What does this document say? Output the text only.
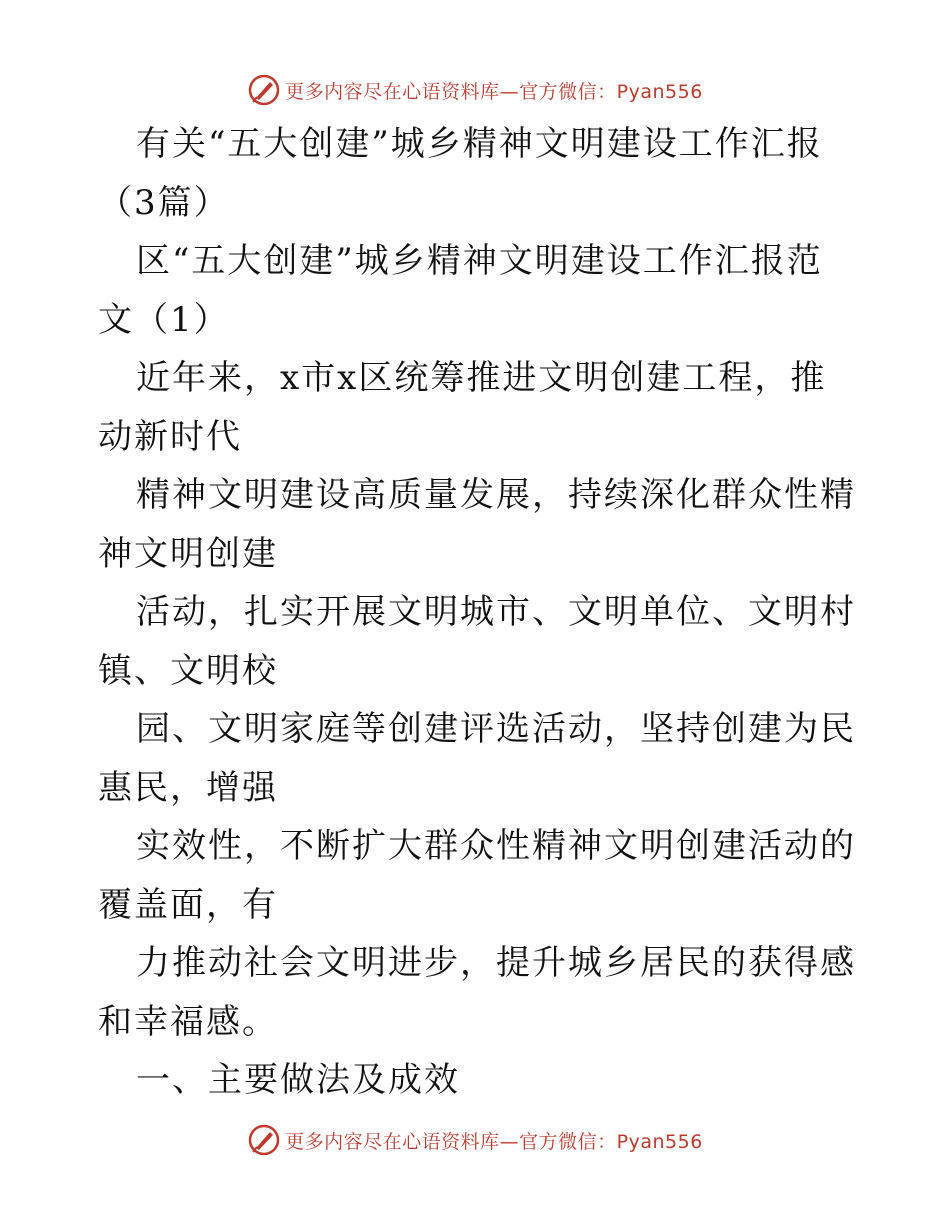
更多内容尽在心语资料库—官方微信：Pyan556

有关“五大创建”城乡精神文明建设工作汇报（3篇）

区“五大创建”城乡精神文明建设工作汇报范文（1）

近年来，x市x区统筹推进文明创建工程，推动新时代

精神文明建设高质量发展，持续深化群众性精神文明创建

活动，扎实开展文明城市、文明单位、文明村镇、文明校

园、文明家庭等创建评选活动，坚持创建为民惠民，增强

实效性，不断扩大群众性精神文明创建活动的覆盖面，有

力推动社会文明进步，提升城乡居民的获得感和幸福感。

一、主要做法及成效

更多内容尽在心语资料库—官方微信：Pyan556
